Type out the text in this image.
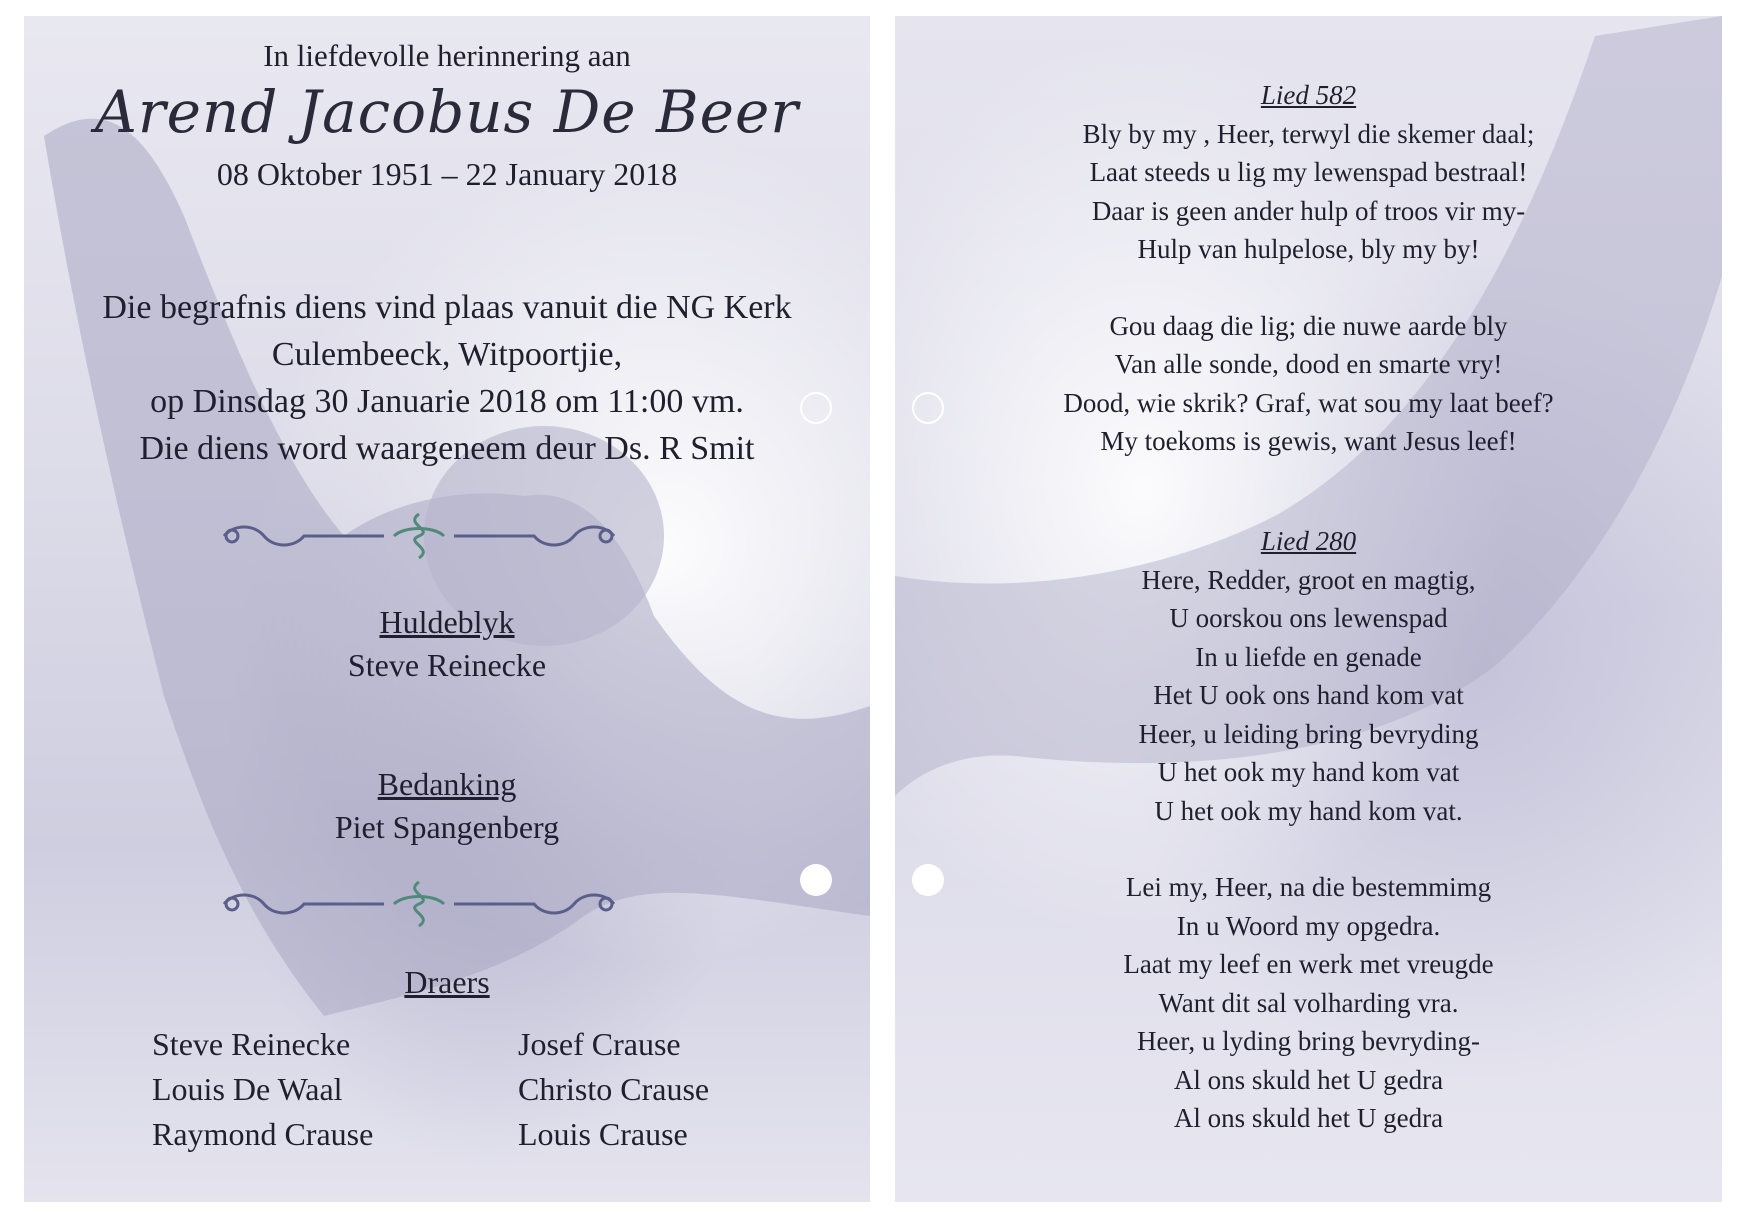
In liefdevolle herinnering aan
Arend Jacobus De Beer
08 Oktober 1951 – 22 January 2018
Die begrafnis diens vind plaas vanuit die NG Kerk
Culembeeck, Witpoortjie,
op Dinsdag 30 Januarie 2018 om 11:00 vm.
Die diens word waargeneem deur Ds. R Smit
Huldeblyk
Steve Reinecke
Bedanking
Piet Spangenberg
Draers
Steve Reinecke
Louis De Waal
Raymond Crause
Josef Crause
Christo Crause
Louis Crause
Lied 582
Bly by my , Heer, terwyl die skemer daal;
Laat steeds u lig my lewenspad bestraal!
Daar is geen ander hulp of troos vir my-
Hulp van hulpelose, bly my by!
Gou daag die lig; die nuwe aarde bly
Van alle sonde, dood en smarte vry!
Dood, wie skrik? Graf, wat sou my laat beef?
My toekoms is gewis, want Jesus leef!
Lied 280
Here, Redder, groot en magtig,
U oorskou ons lewenspad
In u liefde en genade
Het U ook ons hand kom vat
Heer, u leiding bring bevryding
U het ook my hand kom vat
U het ook my hand kom vat.
Lei my, Heer, na die bestemmimg
In u Woord my opgedra.
Laat my leef en werk met vreugde
Want dit sal volharding vra.
Heer, u lyding bring bevryding-
Al ons skuld het U gedra
Al ons skuld het U gedra
